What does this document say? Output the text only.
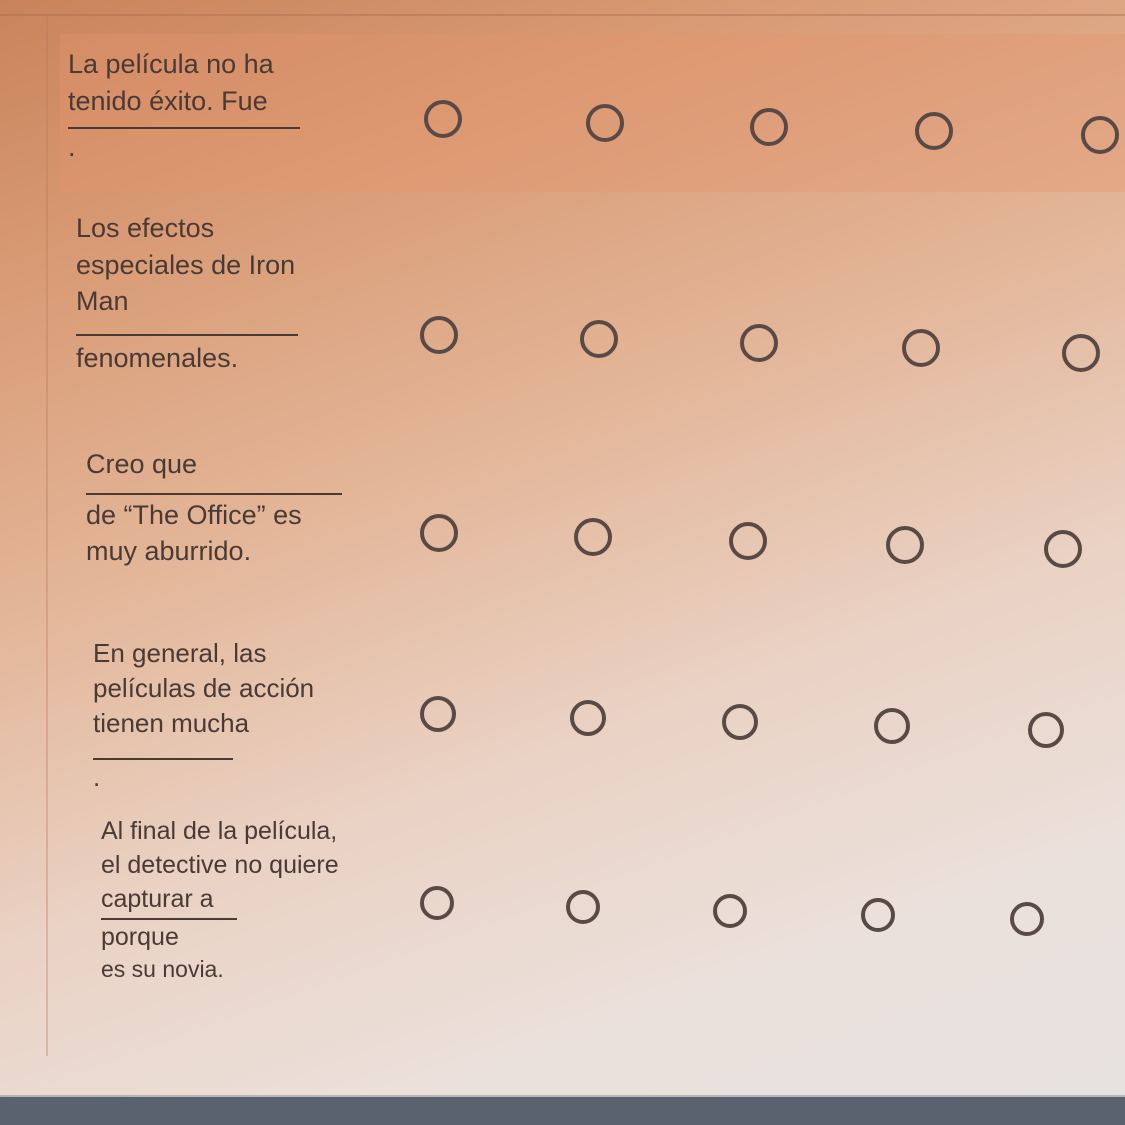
La película no ha tenido éxito. Fue
.

Los efectos especiales de Iron Man
fenomenales.

Creo que
de “The Office” es muy aburrido.

En general, las películas de acción tienen mucha
.

Al final de la película, el detective no quiere capturar a
porque
es su novia.
